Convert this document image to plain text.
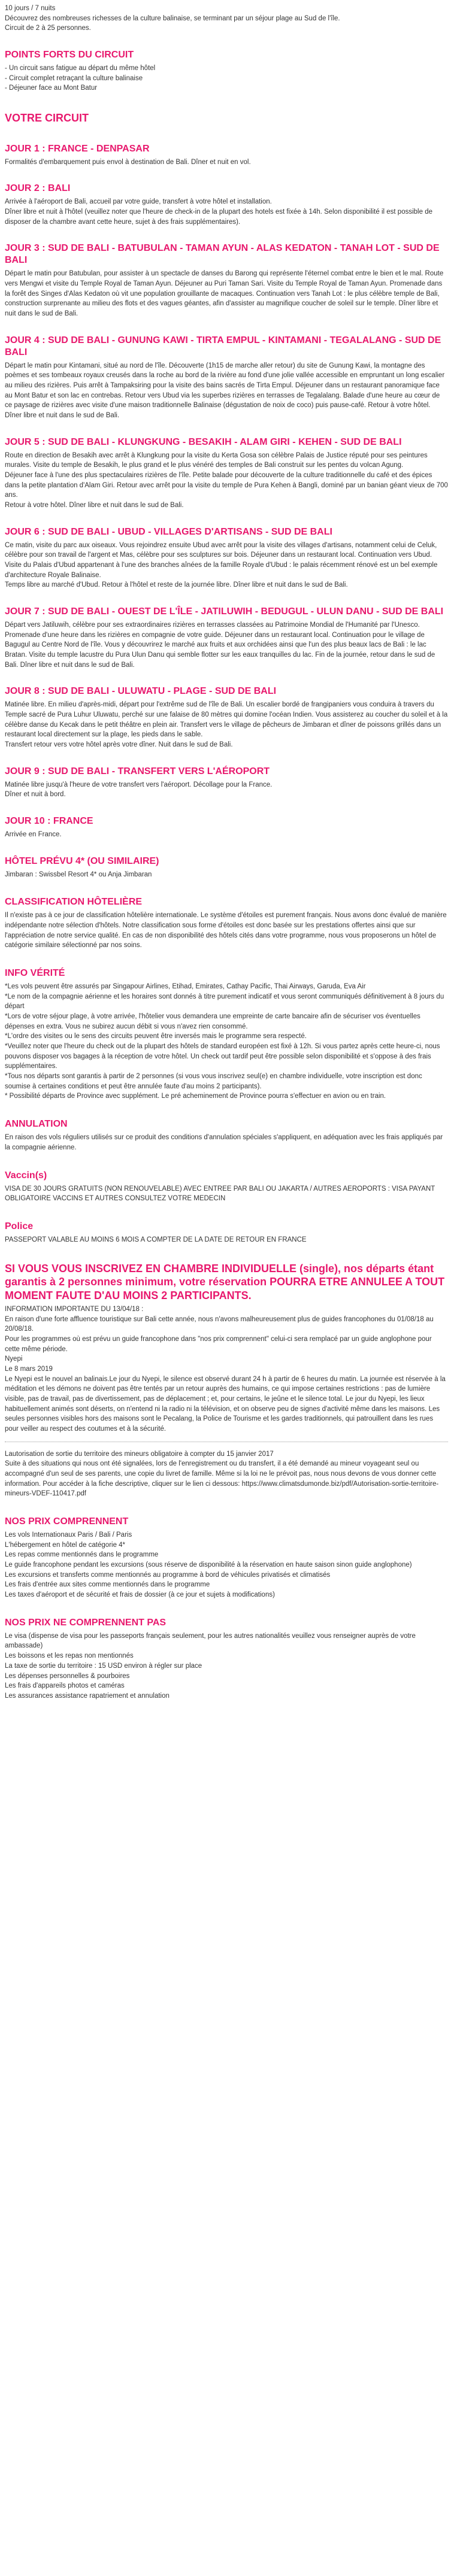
10 jours / 7 nuits

Découvrez des nombreuses richesses de la culture balinaise, se terminant par un séjour plage au Sud de l'île.
Circuit de 2 à 25 personnes.

POINTS FORTS DU CIRCUIT

- Un circuit sans fatigue au départ du même hôtel

- Circuit complet retraçant la culture balinaise

- Déjeuner face au Mont Batur

VOTRE CIRCUIT
JOUR 1 : FRANCE - DENPASAR

Formalités d'embarquement puis envol à destination de Bali. Dîner et nuit en vol.

JOUR 2 : BALI

Arrivée à l'aéroport de Bali, accueil par votre guide, transfert à votre hôtel et installation.
Dîner libre et nuit à l'hôtel (veuillez noter que l'heure de check-in de la plupart des hotels est fixée à 14h. Selon disponibilité il est possible de disposer de la chambre avant cette heure, sujet à des frais supplémentaires).

JOUR 3 : SUD DE BALI - BATUBULAN - TAMAN AYUN - ALAS KEDATON - TANAH LOT - SUD DE BALI

Départ le matin pour Batubulan, pour assister à un spectacle de danses du Barong qui représente l'éternel combat entre le bien et le mal. Route vers Mengwi et visite du Temple Royal de Taman Ayun. Déjeuner au Puri Taman Sari. Visite du Temple Royal de Taman Ayun. Promenade dans la forêt des Singes d'Alas Kedaton où vit une population grouillante de macaques. Continuation vers Tanah Lot : le plus célèbre temple de Bali, construction surprenante au milieu des flots et des vagues géantes, afin d'assister au magnifique coucher de soleil sur le temple. Dîner libre et nuit dans le sud de Bali.

JOUR 4 : SUD DE BALI - GUNUNG KAWI - TIRTA EMPUL - KINTAMANI - TEGALALANG - SUD DE BALI

Départ le matin pour Kintamani, situé au nord de l'île. Découverte (1h15 de marche aller retour) du site de Gunung Kawi, la montagne des poèmes et ses tombeaux royaux creusés dans la roche au bord de la rivière au fond d'une jolie vallée accessible en empruntant un long escalier au milieu des rizières. Puis arrêt à Tampaksiring pour la visite des bains sacrés de Tirta Empul. Déjeuner dans un restaurant panoramique face au Mont Batur et son lac en contrebas. Retour vers Ubud via les superbes rizières en terrasses de Tegalalang. Balade d'une heure au cœur de ce paysage de rizières avec visite d'une maison traditionnelle Balinaise (dégustation de noix de coco) puis pause-café. Retour à votre hôtel. Dîner libre et nuit dans le sud de Bali.

JOUR 5 : SUD DE BALI - KLUNGKUNG - BESAKIH - ALAM GIRI - KEHEN - SUD DE BALI

Route en direction de Besakih avec arrêt à Klungkung pour la visite du Kerta Gosa son célèbre Palais de Justice réputé pour ses peintures murales. Visite du temple de Besakih, le plus grand et le plus vénéré des temples de Bali construit sur les pentes du volcan Agung.
Déjeuner face à l'une des plus spectaculaires rizières de l'île. Petite balade pour découverte de la culture traditionnelle du café et des épices dans la petite plantation d'Alam Giri. Retour avec arrêt pour la visite du temple de Pura Kehen à Bangli, dominé par un banian géant vieux de 700 ans.
Retour à votre hôtel. Dîner libre et nuit dans le sud de Bali.

JOUR 6 : SUD DE BALI - UBUD - VILLAGES D'ARTISANS - SUD DE BALI

Ce matin, visite du parc aux oiseaux. Vous rejoindrez ensuite Ubud avec arrêt pour la visite des villages d'artisans, notamment celui de Celuk, célèbre pour son travail de l'argent et Mas, célèbre pour ses sculptures sur bois. Déjeuner dans un restaurant local. Continuation vers Ubud. Visite du Palais d'Ubud appartenant à l'une des branches aînées de la famille Royale d'Ubud : le palais récemment rénové est un bel exemple d'architecture Royale Balinaise.
Temps libre au marché d'Ubud. Retour à l'hôtel et reste de la journée libre. Dîner libre et nuit dans le sud de Bali.

JOUR 7 : SUD DE BALI - OUEST DE L'ÎLE - JATILUWIH - BEDUGUL - ULUN DANU - SUD DE BALI

Départ vers Jatiluwih, célèbre pour ses extraordinaires rizières en terrasses classées au Patrimoine Mondial de l'Humanité par l'Unesco. Promenade d'une heure dans les rizières en compagnie de votre guide. Déjeuner dans un restaurant local. Continuation pour le village de Bagugul au Centre Nord de l'île. Vous y découvrirez le marché aux fruits et aux orchidées ainsi que l'un des plus beaux lacs de Bali : le lac Bratan. Visite du temple lacustre du Pura Ulun Danu qui semble flotter sur les eaux tranquilles du lac. Fin de la journée, retour dans le sud de Bali. Dîner libre et nuit dans le sud de Bali.

JOUR 8 : SUD DE BALI - ULUWATU - PLAGE - SUD DE BALI

Matinée libre. En milieu d'après-midi, départ pour l'extrême sud de l'île de Bali. Un escalier bordé de frangipaniers vous conduira à travers du Temple sacré de Pura Luhur Uluwatu, perché sur une falaise de 80 mètres qui domine l'océan Indien. Vous assisterez au coucher du soleil et à la célèbre danse du Kecak dans le petit théâtre en plein air. Transfert vers le village de pêcheurs de Jimbaran et dîner de poissons grillés dans un restaurant local directement sur la plage, les pieds dans le sable.
Transfert retour vers votre hôtel après votre dîner. Nuit dans le sud de Bali.

JOUR 9 : SUD DE BALI - TRANSFERT VERS L'AÉROPORT

Matinée libre jusqu'à l'heure de votre transfert vers l'aéroport. Décollage pour la France.
Dîner et nuit à bord.

JOUR 10 : FRANCE

Arrivée en France.

HÔTEL PRÉVU 4* (OU SIMILAIRE)

Jimbaran : Swissbel Resort 4* ou Anja Jimbaran

CLASSIFICATION HÔTELIÈRE

Il n'existe pas à ce jour de classification hôtelière internationale. Le système d'étoiles est purement français. Nous avons donc évalué de manière indépendante notre sélection d'hôtels. Notre classification sous forme d'étoiles est donc basée sur les prestations offertes ainsi que sur l'appréciation de notre service qualité. En cas de non disponibilité des hôtels cités dans votre programme, nous vous proposerons un hôtel de catégorie similaire sélectionné par nos soins.

INFO VÉRITÉ

*Les vols peuvent être assurés par Singapour Airlines, Etihad, Emirates, Cathay Pacific, Thai Airways, Garuda, Eva Air
*Le nom de la compagnie aérienne et les horaires sont donnés à titre purement indicatif et vous seront communiqués définitivement à 8 jours du départ
*Lors de votre séjour plage, à votre arrivée, l'hôtelier vous demandera une empreinte de carte bancaire afin de sécuriser vos éventuelles dépenses en extra. Vous ne subirez aucun débit si vous n'avez rien consommé.
*L'ordre des visites ou le sens des circuits peuvent être inversés mais le programme sera respecté.
*Veuillez noter que l'heure du check out de la plupart des hôtels de standard européen est fixé à 12h. Si vous partez après cette heure-ci, nous pouvons disposer vos bagages à la réception de votre hôtel. Un check out tardif peut être possible selon disponibilité et s'oppose à des frais supplémentaires.
*Tous nos départs sont garantis à partir de 2 personnes (si vous vous inscrivez seul(e) en chambre individuelle, votre inscription est donc soumise à certaines conditions et peut être annulée faute d'au moins 2 participants).
* Possibilité départs de Province avec supplément. Le pré acheminement de Province pourra s'effectuer en avion ou en train.

ANNULATION

En raison des vols réguliers utilisés sur ce produit des conditions d'annulation spéciales s'appliquent, en adéquation avec les frais appliqués par la compagnie aérienne.

Vaccin(s)

VISA DE 30 JOURS GRATUITS (NON RENOUVELABLE) AVEC ENTREE PAR BALI OU JAKARTA / AUTRES AEROPORTS : VISA PAYANT OBLIGATOIRE VACCINS ET AUTRES CONSULTEZ VOTRE MEDECIN

Police

PASSEPORT VALABLE AU MOINS 6 MOIS A COMPTER DE LA DATE DE RETOUR EN FRANCE

SI VOUS VOUS INSCRIVEZ EN CHAMBRE INDIVIDUELLE (single), nos départs étant garantis à 2 personnes minimum, votre réservation POURRA ETRE ANNULEE A TOUT MOMENT FAUTE D'AU MOINS 2 PARTICIPANTS.

INFORMATION IMPORTANTE DU 13/04/18 :
En raison d'une forte affluence touristique sur Bali cette année, nous n'avons malheureusement plus de guides francophones du 01/08/18 au 20/08/18.
Pour les programmes où est prévu un guide francophone dans "nos prix comprennent" celui-ci sera remplacé par un guide anglophone pour cette même période.
Nyepi
Le 8 mars 2019
Le Nyepi est le nouvel an balinais.Le jour du Nyepi, le silence est observé durant 24 h à partir de 6 heures du matin. La journée est réservée à la méditation et les démons ne doivent pas être tentés par un retour auprès des humains, ce qui impose certaines restrictions : pas de lumière visible, pas de travail, pas de divertissement, pas de déplacement ; et, pour certains, le jeûne et le silence total. Le jour du Nyepi, les lieux habituellement animés sont déserts, on n'entend ni la radio ni la télévision, et on observe peu de signes d'activité même dans les maisons. Les seules personnes visibles hors des maisons sont le Pecalang, la Police de Tourisme et les gardes traditionnels, qui patrouillent dans les rues pour veiller au respect des coutumes et à la sécurité.

Lautorisation de sortie du territoire des mineurs obligatoire à compter du 15 janvier 2017
Suite à des situations qui nous ont été signalées, lors de l'enregistrement ou du transfert, il a été demandé au mineur voyageant seul ou accompagné d'un seul de ses parents, une copie du livret de famille. Même si la loi ne le prévoit pas, nous nous devons de vous donner cette information. Pour accéder à la fiche descriptive, cliquer sur le lien ci dessous: https://www.climatsdumonde.biz/pdf/Autorisation-sortie-territoire-mineurs-VDEF-110417.pdf

NOS PRIX COMPRENNENT

Les vols Internationaux Paris / Bali / Paris

L'hébergement en hôtel de catégorie 4*

Les repas comme mentionnés dans le programme

Le guide francophone pendant les excursions (sous réserve de disponibilité à la réservation en haute saison sinon guide anglophone)

Les excursions et transferts comme mentionnés au programme à bord de véhicules privatisés et climatisés

Les frais d'entrée aux sites comme mentionnés dans le programme

Les taxes d'aéroport et de sécurité et frais de dossier (à ce jour et sujets à modifications)

NOS PRIX NE COMPRENNENT PAS

Le visa (dispense de visa pour les passeports français seulement, pour les autres nationalités veuillez vous renseigner auprès de votre ambassade)

Les boissons et les repas non mentionnés

La taxe de sortie du territoire : 15 USD environ à régler sur place

Les dépenses personnelles & pourboires

Les frais d'appareils photos et caméras

Les assurances assistance rapatriement et annulation
